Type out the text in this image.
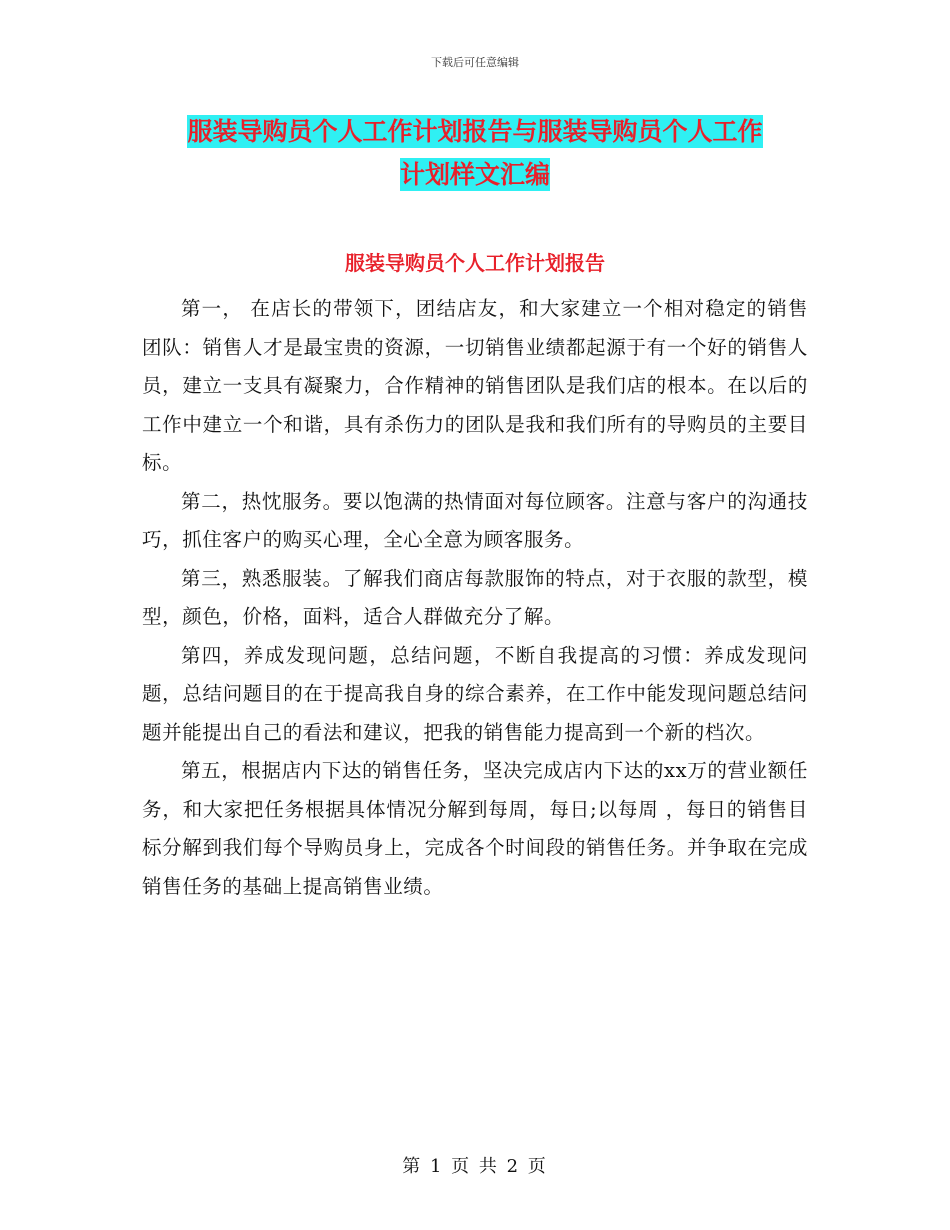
下载后可任意编辑
服装导购员个人工作计划报告与服装导购员个人工作
计划样文汇编
服装导购员个人工作计划报告

第一， 在店长的带领下，团结店友，和大家建立一个相对稳定的销售团队：销售人才是最宝贵的资源，一切销售业绩都起源于有一个好的销售人员，建立一支具有凝聚力，合作精神的销售团队是我们店的根本。在以后的工作中建立一个和谐，具有杀伤力的团队是我和我们所有的导购员的主要目标。

第二，热忱服务。要以饱满的热情面对每位顾客。注意与客户的沟通技巧，抓住客户的购买心理，全心全意为顾客服务。

第三，熟悉服装。了解我们商店每款服饰的特点，对于衣服的款型，模型，颜色，价格，面料，适合人群做充分了解。

第四，养成发现问题，总结问题，不断自我提高的习惯：养成发现问题，总结问题目的在于提高我自身的综合素养，在工作中能发现问题总结问题并能提出自己的看法和建议，把我的销售能力提高到一个新的档次。

第五，根据店内下达的销售任务，坚决完成店内下达的xx万的营业额任务，和大家把任务根据具体情况分解到每周，每日;以每周 ，每日的销售目标分解到我们每个导购员身上，完成各个时间段的销售任务。并争取在完成销售任务的基础上提高销售业绩。

第 1 页 共 2 页
